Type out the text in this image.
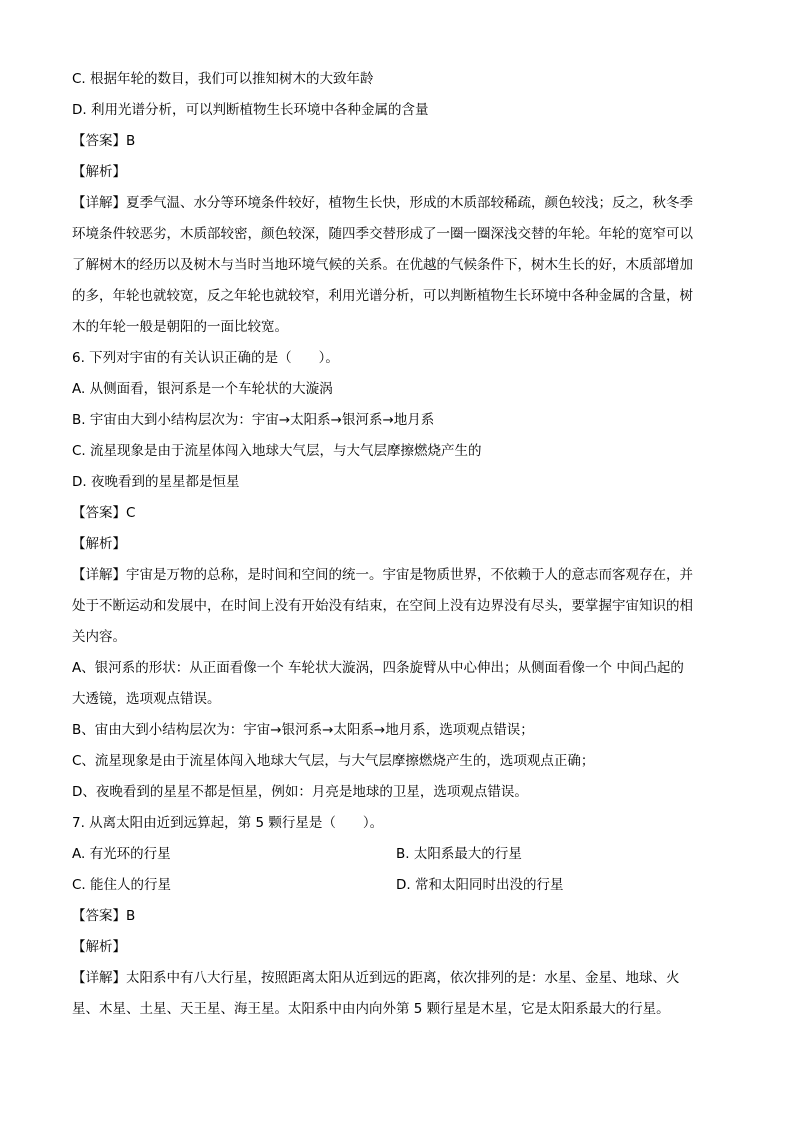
C. 根据年轮的数目，我们可以推知树木的大致年龄
D. 利用光谱分析，可以判断植物生长环境中各种金属的含量
【答案】B
【解析】
【详解】夏季气温、水分等环境条件较好，植物生长快，形成的木质部较稀疏，颜色较浅；反之，秋冬季
环境条件较恶劣，木质部较密，颜色较深，随四季交替形成了一圈一圈深浅交替的年轮。年轮的宽窄可以
了解树木的经历以及树木与当时当地环境气候的关系。在优越的气候条件下，树木生长的好，木质部增加
的多，年轮也就较宽，反之年轮也就较窄，利用光谱分析，可以判断植物生长环境中各种金属的含量，树
木的年轮一般是朝阳的一面比较宽。
6. 下列对宇宙的有关认识正确的是（　　）。
A. 从侧面看，银河系是一个车轮状的大漩涡
B. 宇宙由大到小结构层次为：宇宙→太阳系→银河系→地月系
C. 流星现象是由于流星体闯入地球大气层，与大气层摩擦燃烧产生的
D. 夜晚看到的星星都是恒星
【答案】C
【解析】
【详解】宇宙是万物的总称，是时间和空间的统一。宇宙是物质世界，不依赖于人的意志而客观存在，并
处于不断运动和发展中，在时间上没有开始没有结束，在空间上没有边界没有尽头，要掌握宇宙知识的相
关内容。
A、银河系的形状：从正面看像一个 车轮状大漩涡，四条旋臂从中心伸出；从侧面看像一个 中间凸起的
大透镜，选项观点错误。
B、宙由大到小结构层次为：宇宙→银河系→太阳系→地月系，选项观点错误；
C、流星现象是由于流星体闯入地球大气层，与大气层摩擦燃烧产生的，选项观点正确；
D、夜晚看到的星星不都是恒星，例如：月亮是地球的卫星，选项观点错误。
7. 从离太阳由近到远算起，第 5 颗行星是（　　）。
A. 有光环的行星	B. 太阳系最大的行星
C. 能住人的行星	D. 常和太阳同时出没的行星
【答案】B
【解析】
【详解】太阳系中有八大行星，按照距离太阳从近到远的距离，依次排列的是：水星、金星、地球、火
星、木星、土星、天王星、海王星。太阳系中由内向外第 5 颗行星是木星，它是太阳系最大的行星。
